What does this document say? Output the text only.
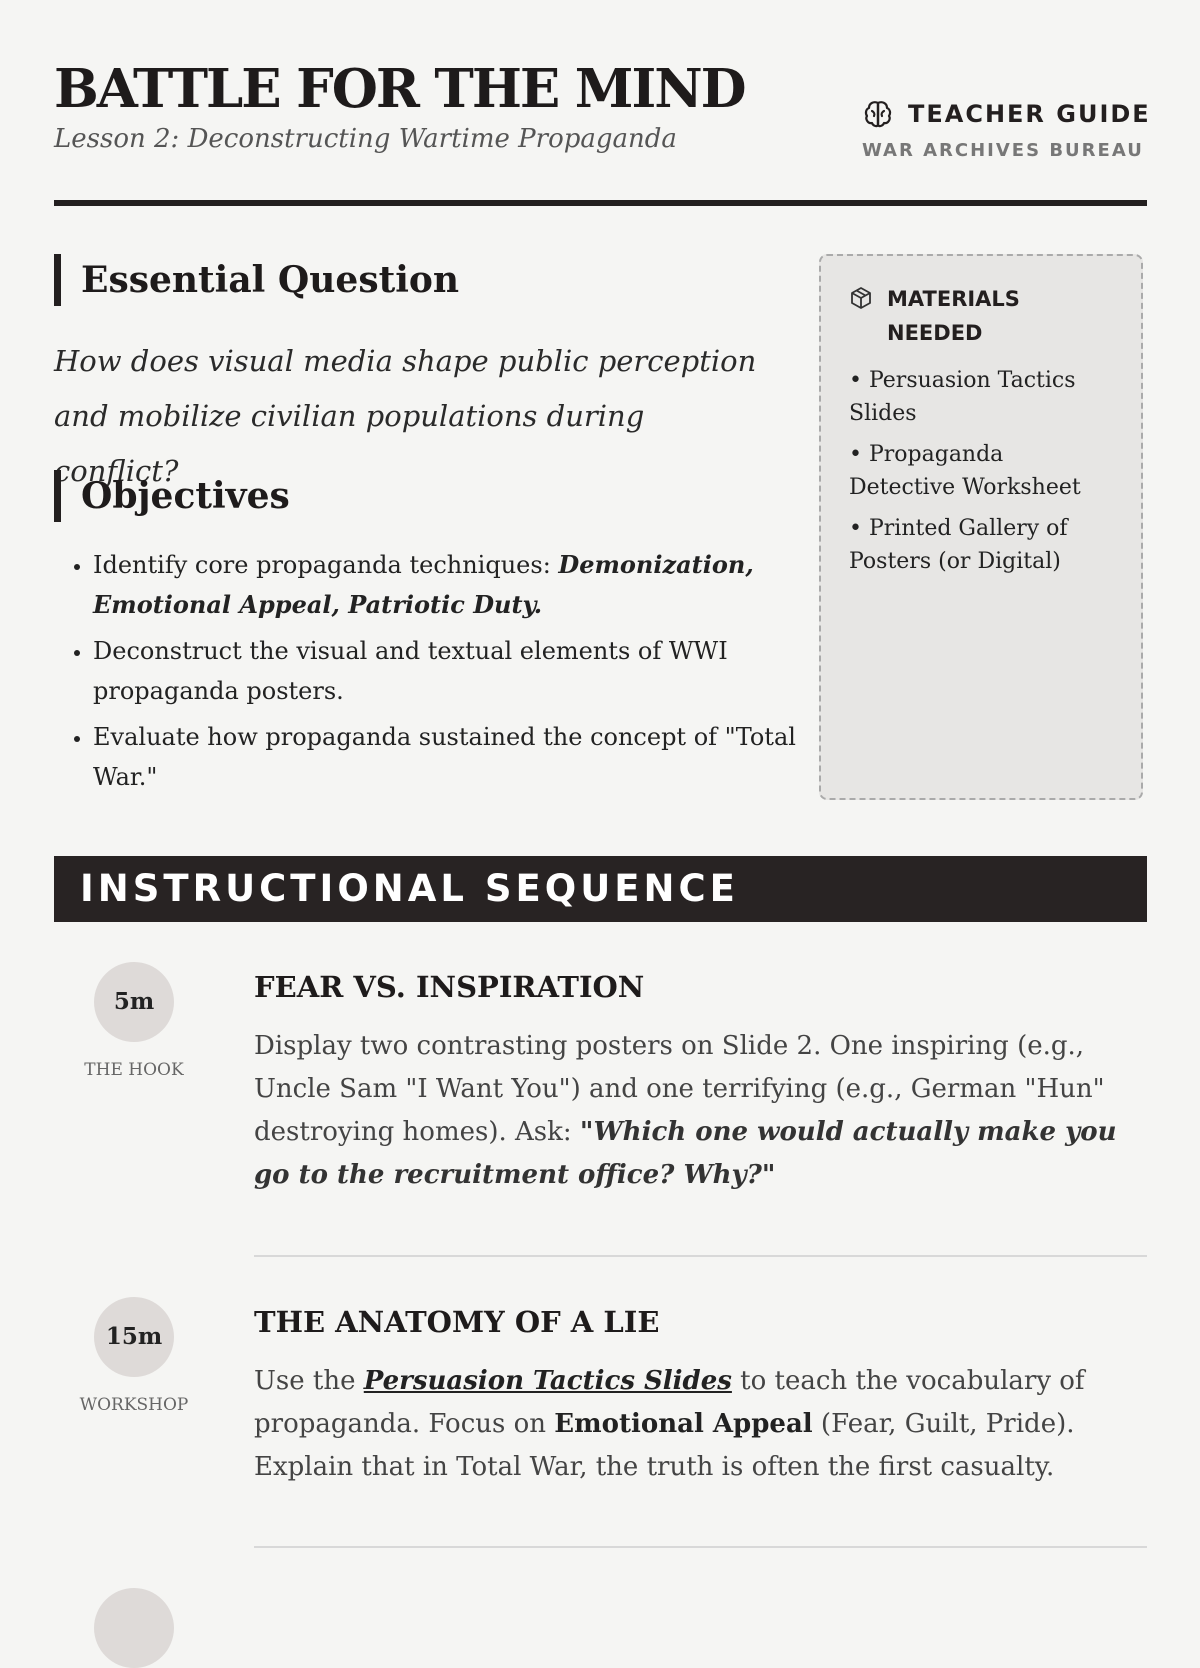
BATTLE FOR THE MIND
Lesson 2: Deconstructing Wartime Propaganda
TEACHER GUIDE
WAR ARCHIVES BUREAU
Essential Question
How does visual media shape public perception and mobilize civilian populations during conflict?
Objectives
• Identify core propaganda techniques: Demonization, Emotional Appeal, Patriotic Duty.
• Deconstruct the visual and textual elements of WWI propaganda posters.
• Evaluate how propaganda sustained the concept of "Total War."
MATERIALS NEEDED
• Persuasion Tactics Slides
• Propaganda Detective Worksheet
• Printed Gallery of Posters (or Digital)
INSTRUCTIONAL SEQUENCE
5m
THE HOOK
FEAR VS. INSPIRATION
Display two contrasting posters on Slide 2. One inspiring (e.g., Uncle Sam "I Want You") and one terrifying (e.g., German "Hun" destroying homes). Ask: "Which one would actually make you go to the recruitment office? Why?"
15m
WORKSHOP
THE ANATOMY OF A LIE
Use the Persuasion Tactics Slides to teach the vocabulary of propaganda. Focus on Emotional Appeal (Fear, Guilt, Pride). Explain that in Total War, the truth is often the first casualty.
